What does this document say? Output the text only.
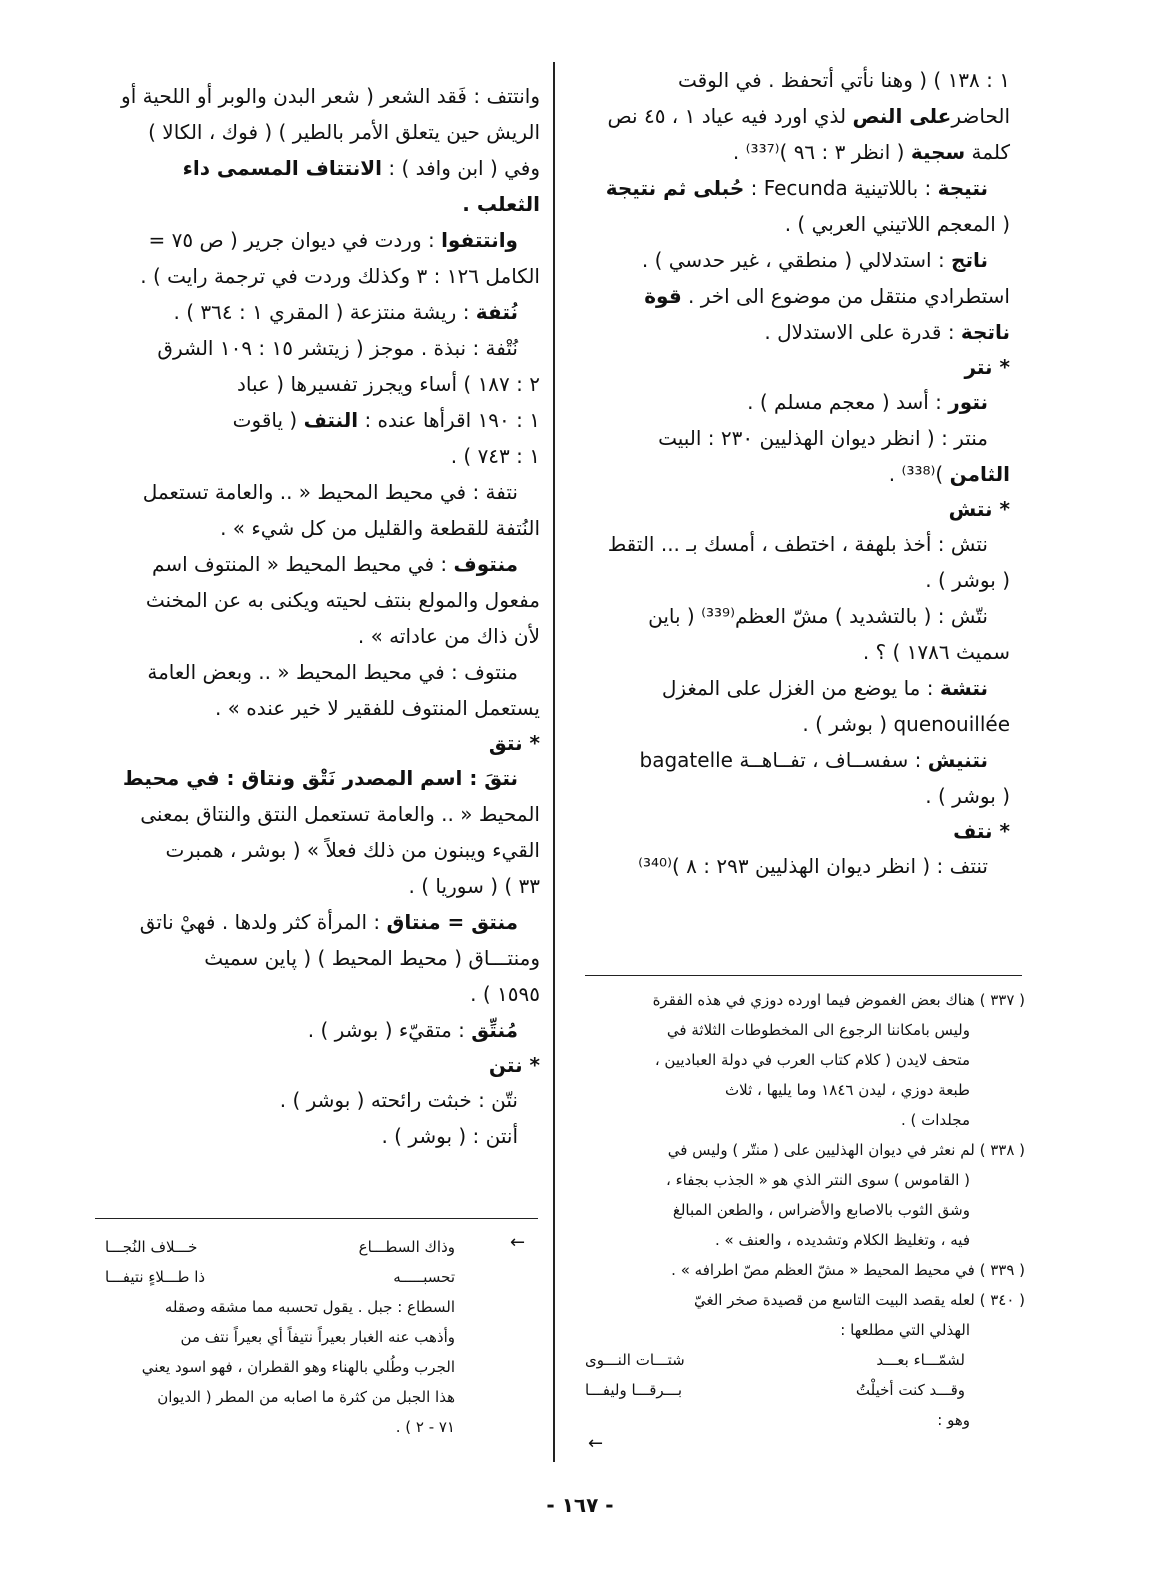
١ : ١٣٨ ) ( وهنا نأتي أتحفظ . في الوقت

الحاضرعلى النص لذي اورد فيه عياد ١ ، ٤٥ نص

كلمة سجية ( انظر ٣ : ٩٦ )⁽³³⁷⁾ .

نتيجة : باللاتينية Fecunda : حُبلى ثم نتيجة

( المعجم اللاتيني العربي ) .

ناتج : استدلالي ( منطقي ، غير حدسي ) .

استطرادي منتقل من موضوع الى اخر . قوة

ناتجة : قدرة على الاستدلال .

* نتر

نتور : أسد ( معجم مسلم ) .

منتر : ( انظر ديوان الهذليين ٢٣٠ : البيت

الثامن )⁽³³⁸⁾ .

* نتش

نتش : أخذ بلهفة ، اختطف ، أمسك بـ ... التقط

( بوشر ) .

نتّش : ( بالتشديد ) مشّ العظم⁽³³⁹⁾ ( باين

سميث ١٧٨٦ ) ؟ .

نتشة : ما يوضع من الغزل على المغزل

quenouillée ( بوشر ) .

نتنيش : سفســاف ، تفــاهــة bagatelle

( بوشر ) .

* نتف

تنتف : ( انظر ديوان الهذليين ٢٩٣ : ٨ )⁽³⁴⁰⁾

وانتتف : فَقد الشعر ( شعر البدن والوبر أو اللحية أو

الريش حين يتعلق الأمر بالطير ) ( فوك ، الكالا )

وفي ( ابن وافد ) : الانتتاف المسمى داء

الثعلب .

وانتتفوا : وردت في ديوان جرير ( ص ٧٥ =

الكامل ١٢٦ : ٣ وكذلك وردت في ترجمة رايت ) .

نُتفة : ريشة منتزعة ( المقري ١ : ٣٦٤ ) .

نُتْفة : نبذة . موجز ( زيتشر ١٥ : ١٠٩ الشرق

٢ : ١٨٧ ) أساء ويجرز تفسيرها ( عباد

١ : ١٩٠ اقرأها عنده : النتف ( ياقوت

١ : ٧٤٣ ) .

نتفة : في محيط المحيط « .. والعامة تستعمل

النُتفة للقطعة والقليل من كل شيء » .

منتوف : في محيط المحيط « المنتوف اسم

مفعول والمولع بنتف لحيته ويكنى به عن المخنث

لأن ذاك من عاداته » .

منتوف : في محيط المحيط « .. وبعض العامة

يستعمل المنتوف للفقير لا خير عنده » .

* نتق

نتقَ : اسم المصدر نَتْق ونتاق : في محيط

المحيط « .. والعامة تستعمل النتق والنتاق بمعنى

القيء ويبنون من ذلك فعلاً » ( بوشر ، همبرت

٣٣ ) ( سوريا ) .

منتق = منتاق : المرأة كثر ولدها . فهيْ ناتق

ومنتـــاق ( محيط المحيط ) ( پاين سميث

١٥٩٥ ) .

مُنتِّق : متقيّء ( بوشر ) .

* نتن

نتّن : خبثت رائحته ( بوشر ) .

أنتن : ( بوشر ) .

( ٣٣٧ ) هناك بعض الغموض فيما اورده دوزي في هذه الفقرة

وليس بامكاننا الرجوع الى المخطوطات الثلاثة في

متحف لايدن ( كلام كتاب العرب في دولة العباديين ،

طبعة دوزي ، ليدن ١٨٤٦ وما يليها ، ثلاث

مجلدات ) .

( ٣٣٨ ) لم نعثر في ديوان الهذليين على ( منتّر ) وليس في

( القاموس ) سوى النتر الذي هو « الجذب بجفاء ،

وشق الثوب بالاصابع والأضراس ، والطعن المبالغ

فيه ، وتغليظ الكلام وتشديده ، والعنف » .

( ٣٣٩ ) في محيط المحيط « مشّ العظم مصّ اطرافه » .

( ٣٤٠ ) لعله يقصد البيت التاسع من قصيدة صخر الغيّ

الهذلي التي مطلعها :

لشمّـــاء بعـــد
شتـــات النـــوى
وقـــد كنت أخيلْتُ
بـــرقـــا وليفـــا

وهو :

←
←
وذاك السطـــاع
خـــلاف النُجـــا
تحسبـــــه
ذا طـــلاءٍ نتيفـــا

السطاع : جبل . يقول تحسبه مما مشقه وصقله

وأذهب عنه الغبار بعيراً نتيفاً أي بعيراً نتف من

الجرب وطُلي بالهناء وهو القطران ، فهو اسود يعني

هذا الجبل من كثرة ما اصابه من المطر ( الديوان

٧١ - ٢ ) .

- ١٦٧ -
